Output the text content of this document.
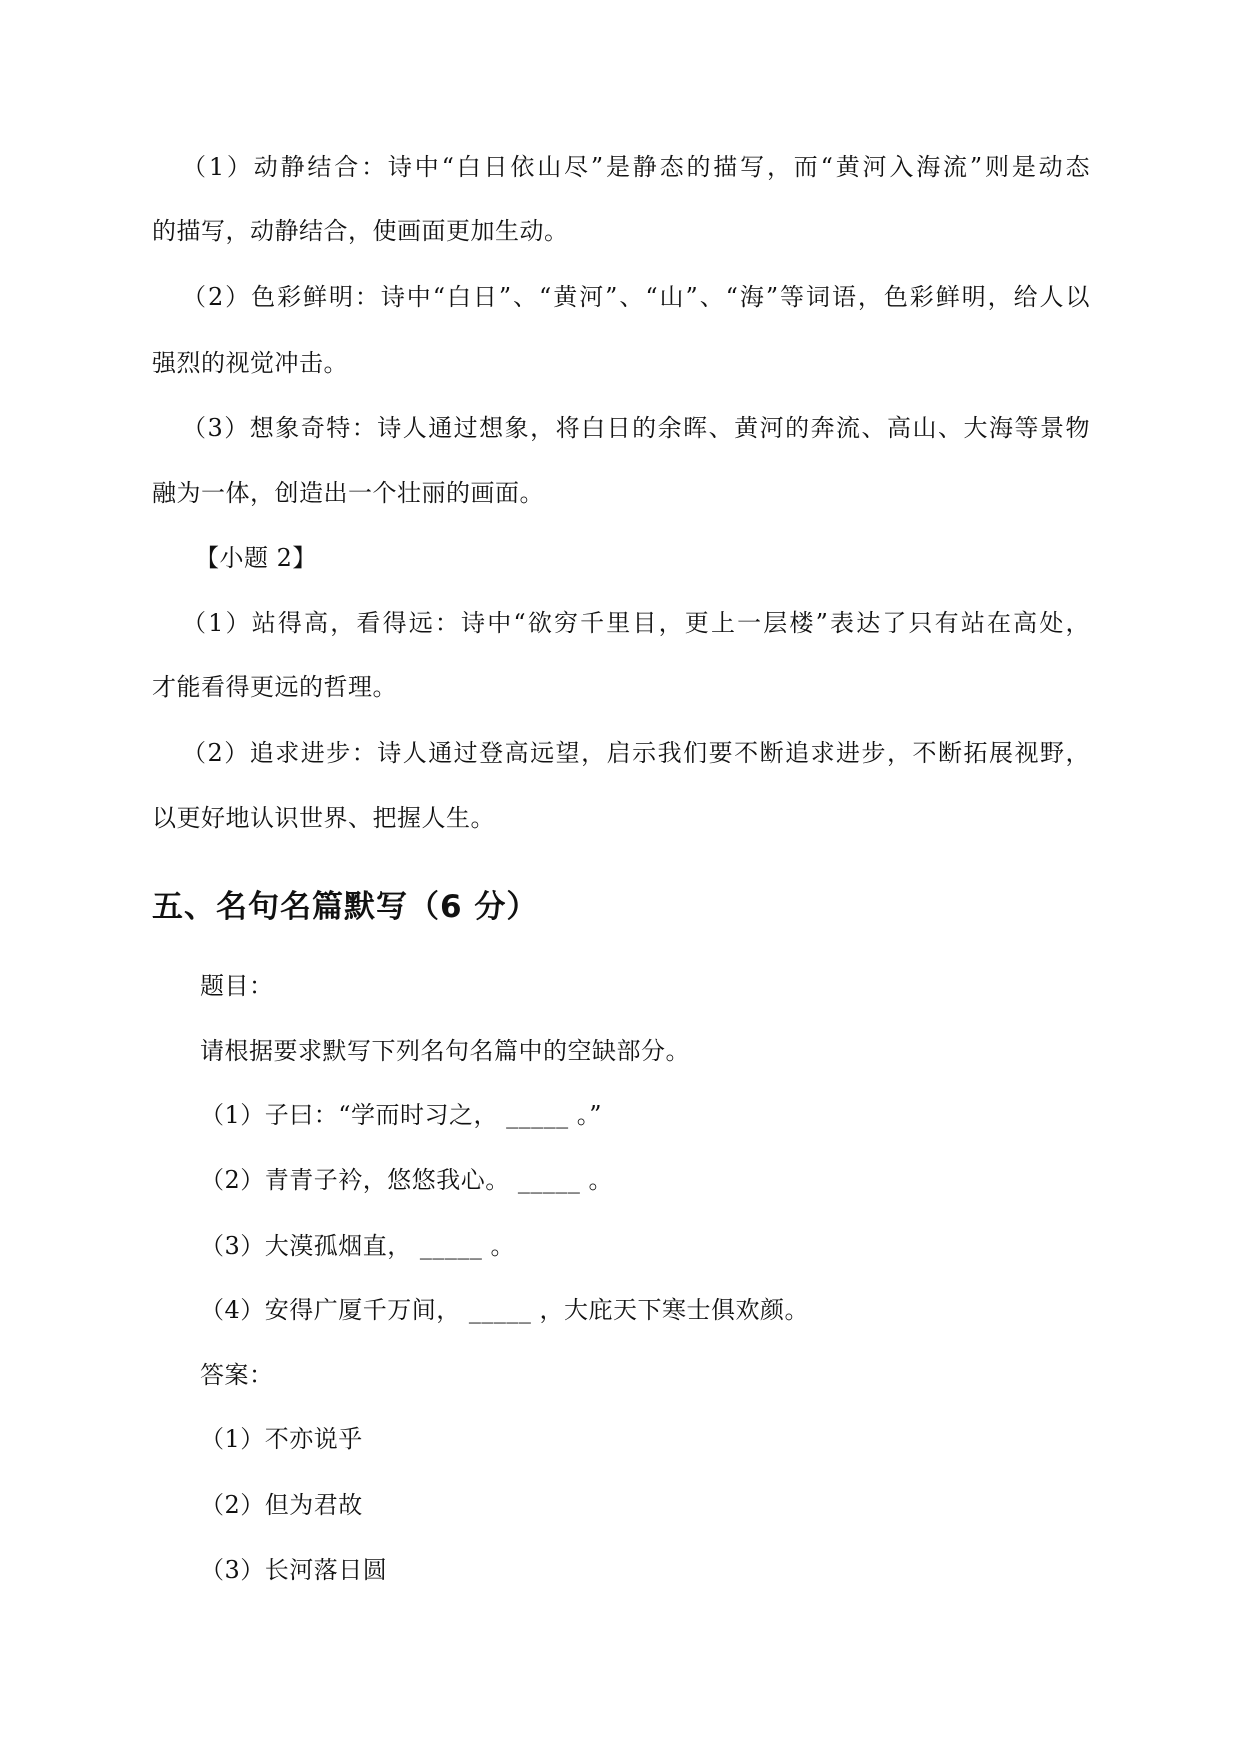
（1）动静结合：诗中“白日依山尽”是静态的描写，而“黄河入海流”则是动态
的描写，动静结合，使画面更加生动。
（2）色彩鲜明：诗中“白日”、“黄河”、“山”、“海”等词语，色彩鲜明，给人以
强烈的视觉冲击。
（3）想象奇特：诗人通过想象，将白日的余晖、黄河的奔流、高山、大海等景物
融为一体，创造出一个壮丽的画面。
【小题 2】
（1）站得高，看得远：诗中“欲穷千里目，更上一层楼”表达了只有站在高处，
才能看得更远的哲理。
（2）追求进步：诗人通过登高远望，启示我们要不断追求进步，不断拓展视野，
以更好地认识世界、把握人生。
五、名句名篇默写（6 分）
题目：
请根据要求默写下列名句名篇中的空缺部分。
（1）子曰：“学而时习之， _____ 。”
（2）青青子衿，悠悠我心。 _____ 。
（3）大漠孤烟直， _____ 。
（4）安得广厦千万间， _____ ，大庇天下寒士俱欢颜。
答案：
（1）不亦说乎
（2）但为君故
（3）长河落日圆
